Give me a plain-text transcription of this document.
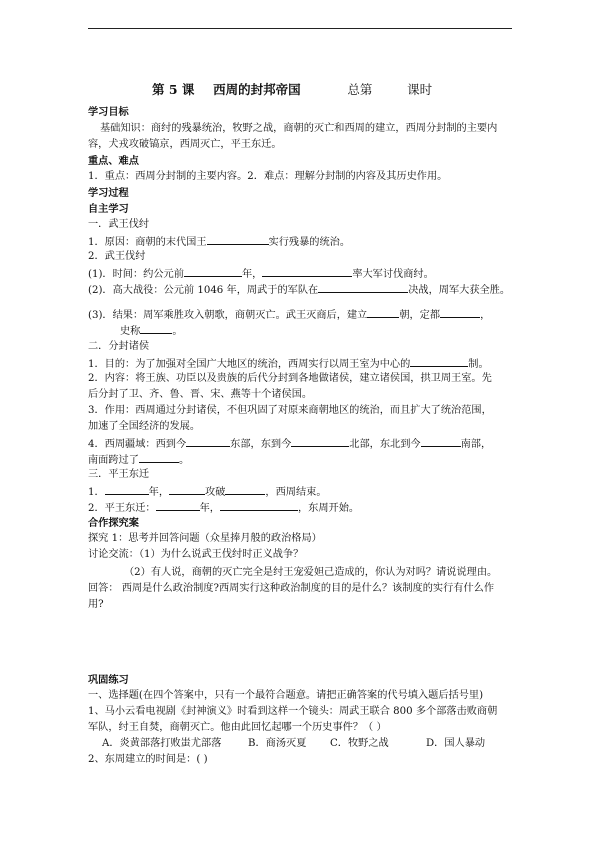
第 5 课 西周的封邦帝国	总第	课时
学习目标
基础知识：商纣的残暴统治，牧野之战，商朝的灭亡和西周的建立，西周分封制的主要内
容，犬戎攻破镐京，西周灭亡，平王东迁。
重点、难点
1．重点：西周分封制的主要内容。2．难点：理解分封制的内容及其历史作用。
学习过程
自主学习
一．武王伐纣
1．原因：商朝的末代国王	实行残暴的统治。
2．武王伐纣
(1)．时间：约公元前	年，	率大军讨伐商纣。
(2)．高大战役：公元前 1046 年，周武于的军队在	决战，周军大获全胜。
(3)．结果：周军乘胜攻入朝歌，商朝灭亡。武王灭商后，建立	朝，定都	，
史称	。
二．分封诸侯
1．目的：为了加强对全国广大地区的统治，西周实行以周王室为中心的	制。
2．内容：将王族、功臣以及贵族的后代分封到各地做诸侯，建立诸侯国，拱卫周王室。先
后分封了卫、齐、鲁、晋、宋、燕等十个诸侯国。
3．作用：西周通过分封诸侯，不但巩固了对原来商朝地区的统治，而且扩大了统治范围，
加速了全国经济的发展。
4．西周疆域：西到今	东部，东到今	北部，东北到今	南部，
南面跨过了	。
三．平王东迁
1．	年，	攻破	，西周结束。
2．平王东迁：	年，	，东周开始。
合作探究案
探究 1：思考并回答问题（众星捧月般的政治格局）
讨论交流：（1）为什么说武王伐纣时正义战争？
（2）有人说，商朝的灭亡完全是纣王宠爱妲己造成的，你认为对吗？请说说理由。
回答： 西周是什么政治制度?西周实行这种政治制度的目的是什么？该制度的实行有什么作
用?
巩固练习
一、选择题(在四个答案中，只有一个最符合题意。请把正确答案的代号填入题后括号里)
1、马小云看电视剧《封神演义》时看到这样一个镜头：周武王联合 800 多个部落击败商朝
军队，纣王自焚，商朝灭亡。他由此回忆起哪一个历史事件？（ ）
A．炎黄部落打败蚩尤部落	B．商汤灭夏 C．牧野之战	D．国人暴动
2、东周建立的时间是：( )
